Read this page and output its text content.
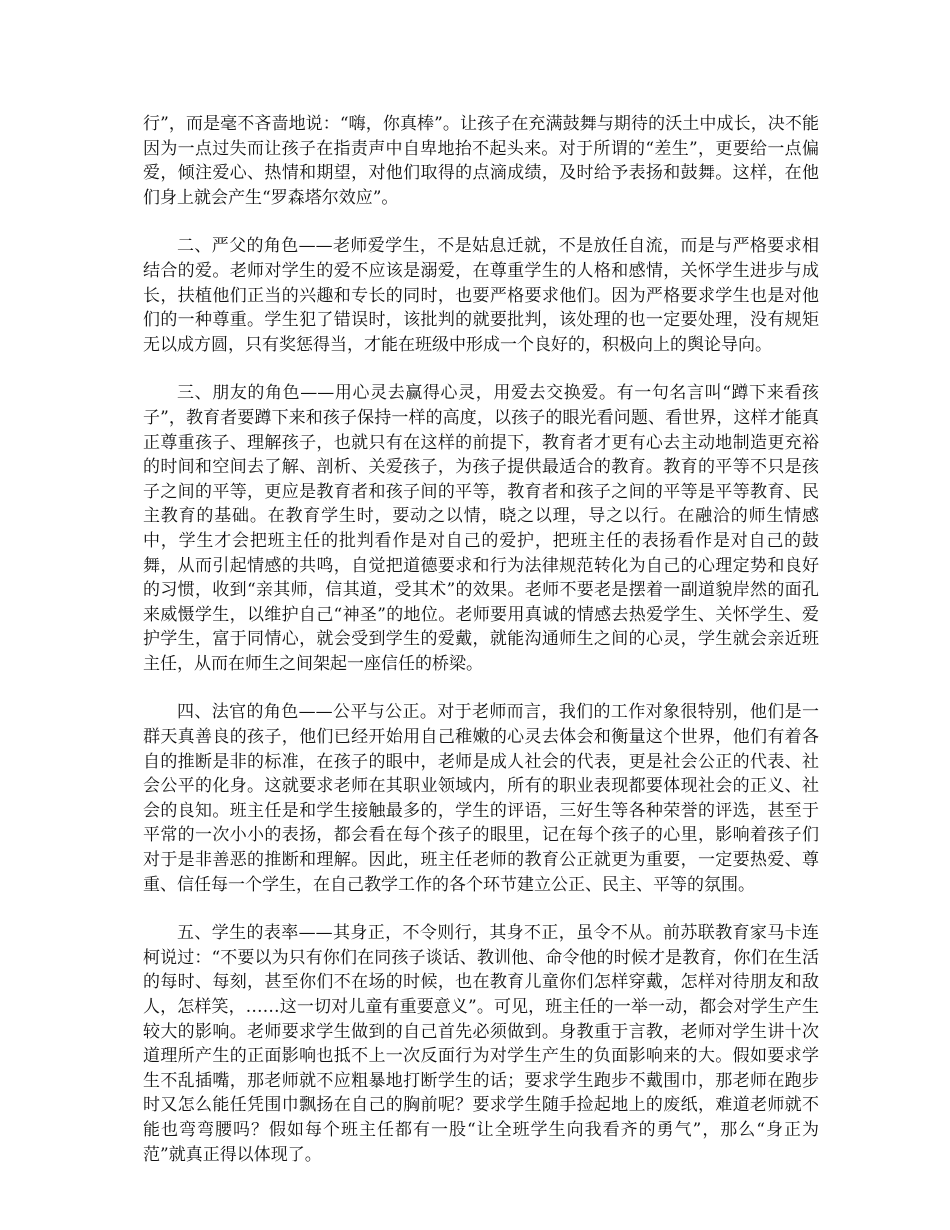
行”，而是毫不吝啬地说：“嗨，你真棒”。让孩子在充满鼓舞与期待的沃土中成长，决不能因为一点过失而让孩子在指责声中自卑地抬不起头来。对于所谓的“差生”，更要给一点偏爱，倾注爱心、热情和期望，对他们取得的点滴成绩，及时给予表扬和鼓舞。这样，在他们身上就会产生“罗森塔尔效应”。

二、严父的角色——老师爱学生，不是姑息迁就，不是放任自流，而是与严格要求相结合的爱。老师对学生的爱不应该是溺爱，在尊重学生的人格和感情，关怀学生进步与成长，扶植他们正当的兴趣和专长的同时，也要严格要求他们。因为严格要求学生也是对他们的一种尊重。学生犯了错误时，该批判的就要批判，该处理的也一定要处理，没有规矩无以成方圆，只有奖惩得当，才能在班级中形成一个良好的，积极向上的舆论导向。

三、朋友的角色——用心灵去赢得心灵，用爱去交换爱。有一句名言叫“蹲下来看孩子”，教育者要蹲下来和孩子保持一样的高度，以孩子的眼光看问题、看世界，这样才能真正尊重孩子、理解孩子，也就只有在这样的前提下，教育者才更有心去主动地制造更充裕的时间和空间去了解、剖析、关爱孩子，为孩子提供最适合的教育。教育的平等不只是孩子之间的平等，更应是教育者和孩子间的平等，教育者和孩子之间的平等是平等教育、民主教育的基础。在教育学生时，要动之以情，晓之以理，导之以行。在融洽的师生情感中，学生才会把班主任的批判看作是对自己的爱护，把班主任的表扬看作是对自己的鼓舞，从而引起情感的共鸣，自觉把道德要求和行为法律规范转化为自己的心理定势和良好的习惯，收到“亲其师，信其道，受其术”的效果。老师不要老是摆着一副道貌岸然的面孔来威慑学生，以维护自己“神圣”的地位。老师要用真诚的情感去热爱学生、关怀学生、爱护学生，富于同情心，就会受到学生的爱戴，就能沟通师生之间的心灵，学生就会亲近班主任，从而在师生之间架起一座信任的桥梁。

四、法官的角色——公平与公正。对于老师而言，我们的工作对象很特别，他们是一群天真善良的孩子，他们已经开始用自己稚嫩的心灵去体会和衡量这个世界，他们有着各自的推断是非的标准，在孩子的眼中，老师是成人社会的代表，更是社会公正的代表、社会公平的化身。这就要求老师在其职业领域内，所有的职业表现都要体现社会的正义、社会的良知。班主任是和学生接触最多的，学生的评语，三好生等各种荣誉的评选，甚至于平常的一次小小的表扬，都会看在每个孩子的眼里，记在每个孩子的心里，影响着孩子们对于是非善恶的推断和理解。因此，班主任老师的教育公正就更为重要，一定要热爱、尊重、信任每一个学生，在自己教学工作的各个环节建立公正、民主、平等的氛围。

五、学生的表率——其身正，不令则行，其身不正，虽令不从。前苏联教育家马卡连柯说过：“不要以为只有你们在同孩子谈话、教训他、命令他的时候才是教育，你们在生活的每时、每刻，甚至你们不在场的时候，也在教育儿童你们怎样穿戴，怎样对待朋友和敌人，怎样笑，……这一切对儿童有重要意义”。可见，班主任的一举一动，都会对学生产生较大的影响。老师要求学生做到的自己首先必须做到。身教重于言教，老师对学生讲十次道理所产生的正面影响也抵不上一次反面行为对学生产生的负面影响来的大。假如要求学生不乱插嘴，那老师就不应粗暴地打断学生的话；要求学生跑步不戴围巾，那老师在跑步时又怎么能任凭围巾飘扬在自己的胸前呢？要求学生随手捡起地上的废纸，难道老师就不能也弯弯腰吗？假如每个班主任都有一股“让全班学生向我看齐的勇气”，那么“身正为范”就真正得以体现了。
